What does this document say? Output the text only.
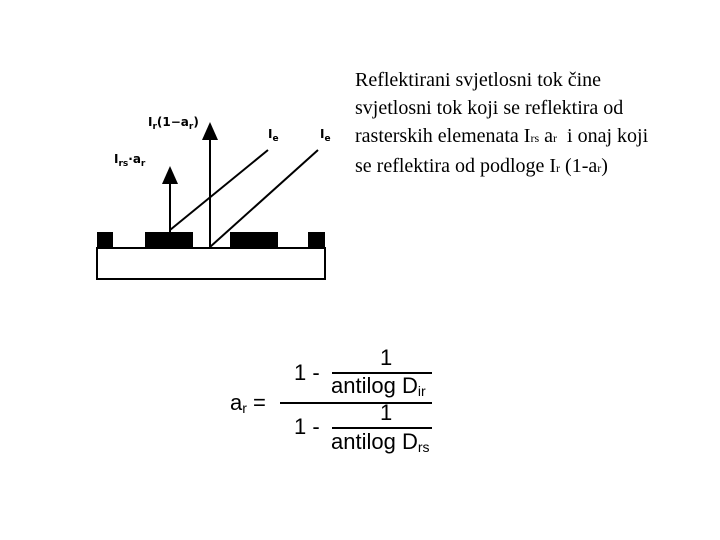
$I_r(1-a_r)$
$I_{rs}\cdot a_r$
$I_e$	$I_e$
ar =
1 -
1
antilog Dir
1
1 -
antilog Drs
Reflektirani svjetlosni tok čine
svjetlosni tok koji se reflektira od
rasterskih elemenata Irs ar  i onaj koji
se reflektira od podloge Ir (1-ar)
